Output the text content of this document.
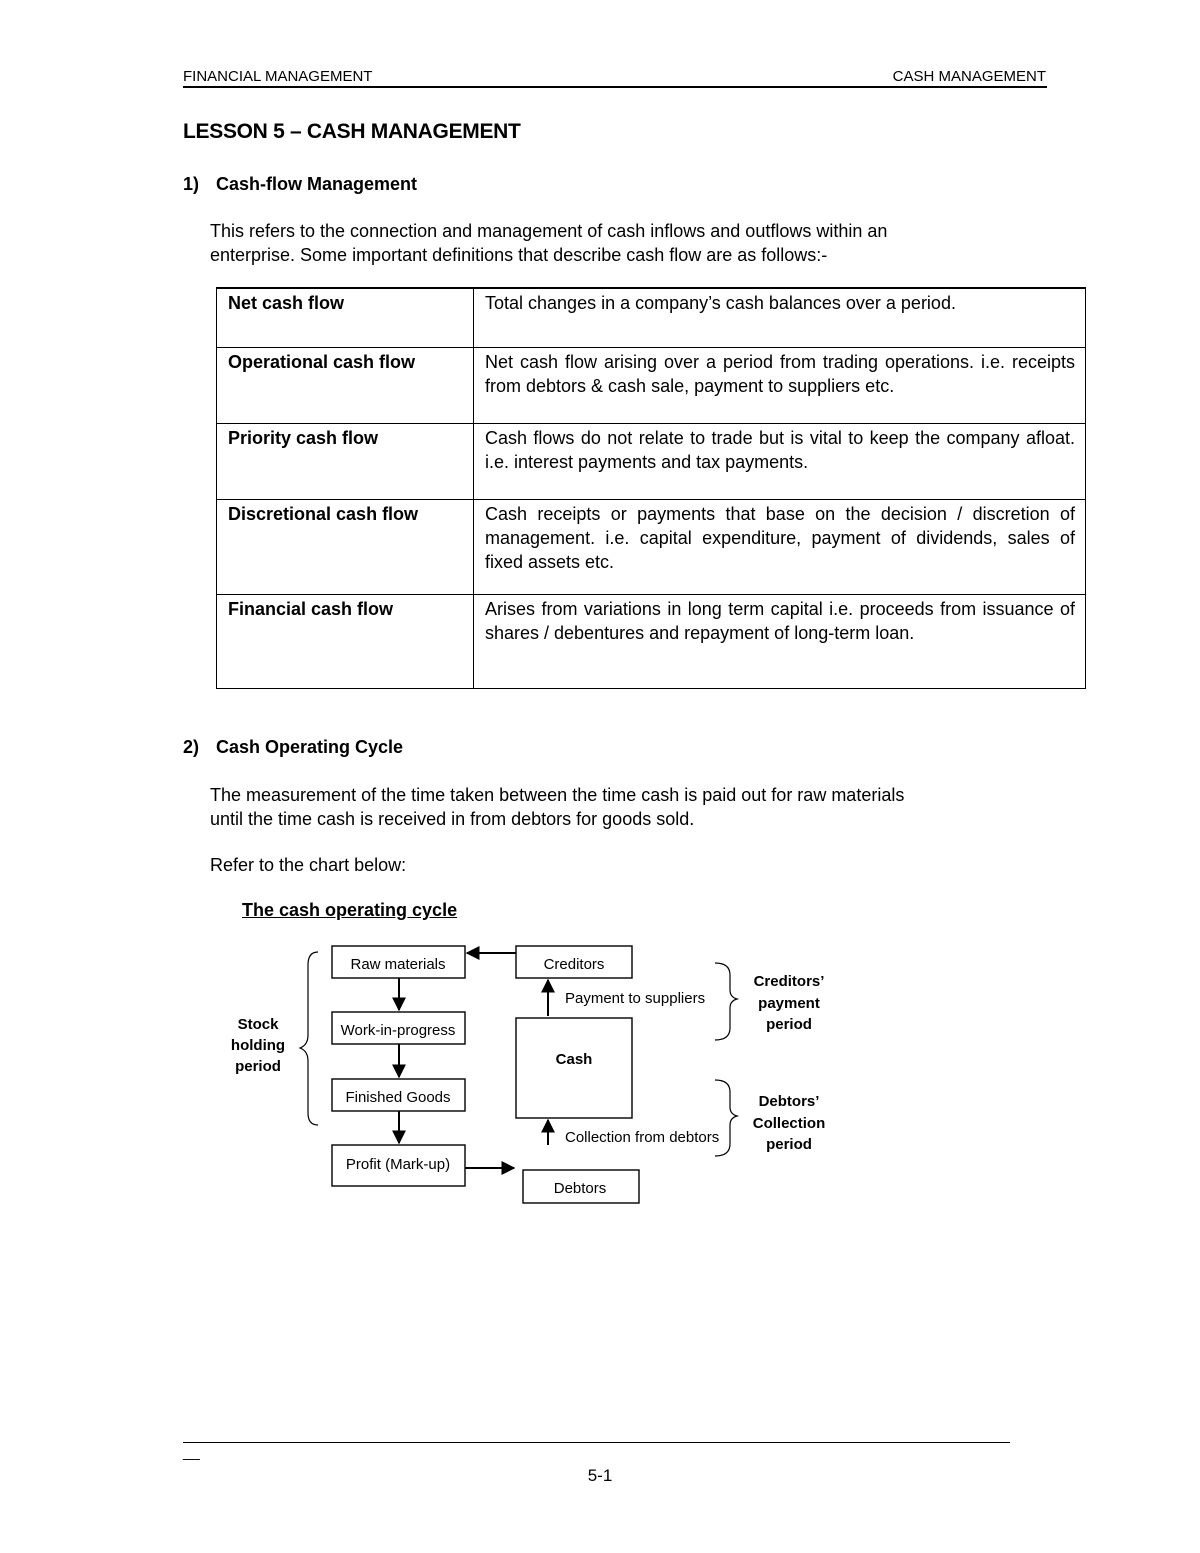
FINANCIAL MANAGEMENT	CASH MANAGEMENT
LESSON 5 – CASH MANAGEMENT
1) Cash-flow Management
This refers to the connection and management of cash inflows and outflows within an
enterprise. Some important definitions that describe cash flow are as follows:-
Net cash flow	Total changes in a company’s cash balances over a period.
Operational cash flow	Net cash flow arising over a period from trading operations. i.e. receipts from debtors & cash sale, payment to suppliers etc.
Priority cash flow	Cash flows do not relate to trade but is vital to keep the company afloat. i.e. interest payments and tax payments.
Discretional cash flow	Cash receipts or payments that base on the decision / discretion of management. i.e. capital expenditure, payment of dividends, sales of fixed assets etc.
Financial cash flow	Arises from variations in long term capital i.e. proceeds from issuance of shares / debentures and repayment of long-term loan.
2) Cash Operating Cycle
The measurement of the time taken between the time cash is paid out for raw materials
until the time cash is received in from debtors for goods sold.
Refer to the chart below:
The cash operating cycle
Raw materials
Work-in-progress
Finished Goods
Profit (Mark-up)
Creditors
Debtors
Cash
Payment to suppliers
Collection from debtors
Stock
holding
period
Creditors’
payment
period
Debtors’
Collection
period
__
5-1
